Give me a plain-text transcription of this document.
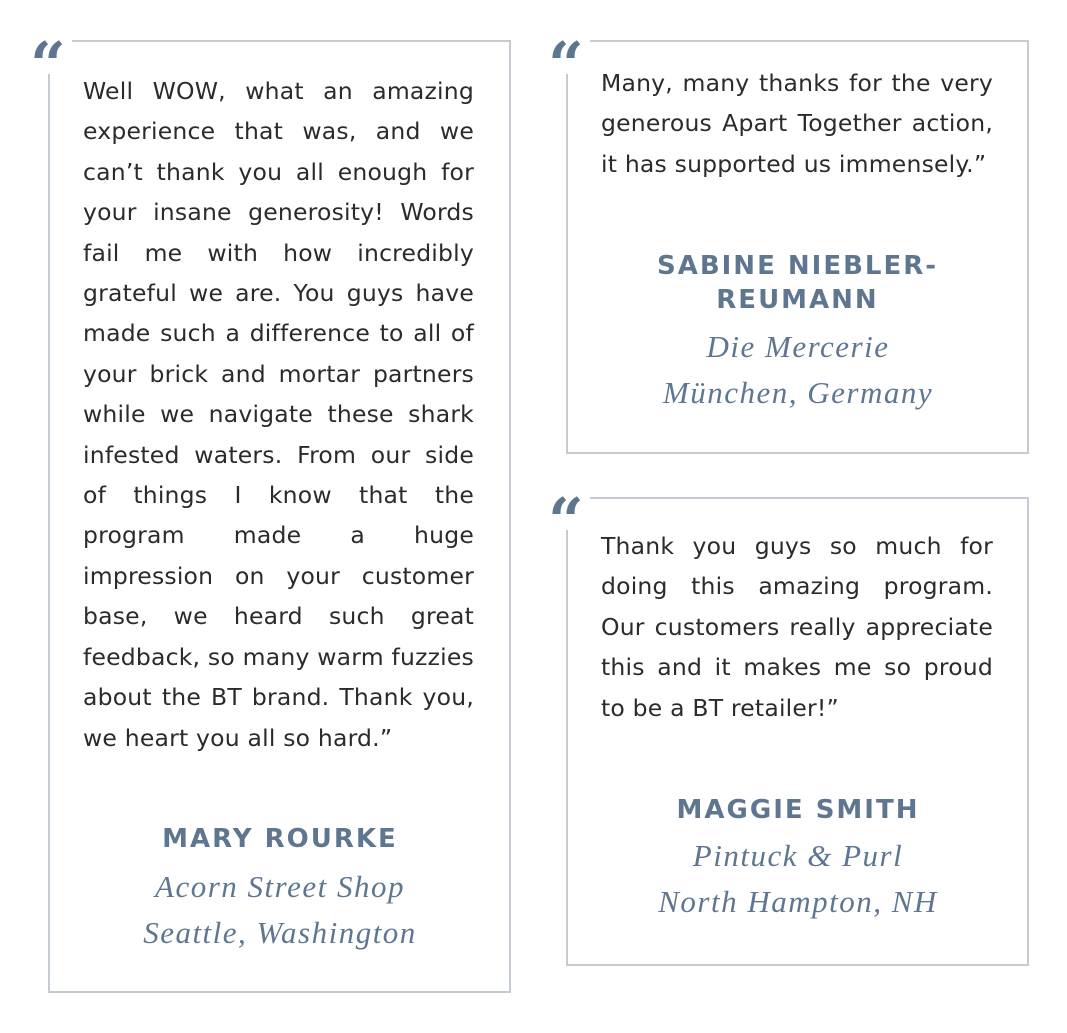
“ Well WOW, what an amazing experience that was, and we can’t thank you all enough for your insane generosity! Words fail me with how incredibly grateful we are. You guys have made such a difference to all of your brick and mortar partners while we navigate these shark infested waters. From our side of things I know that the program made a huge impression on your customer base, we heard such great feedback, so many warm fuzzies about the BT brand. Thank you, we heart you all so hard.”

MARY ROURKE
Acorn Street Shop
Seattle, Washington
“ Many, many thanks for the very generous Apart Together action, it has supported us immensely.”

SABINE NIEBLER-REUMANN
Die Mercerie
München, Germany
“ Thank you guys so much for doing this amazing program. Our customers really appreciate this and it makes me so proud to be a BT retailer!”

MAGGIE SMITH
Pintuck & Purl
North Hampton, NH
